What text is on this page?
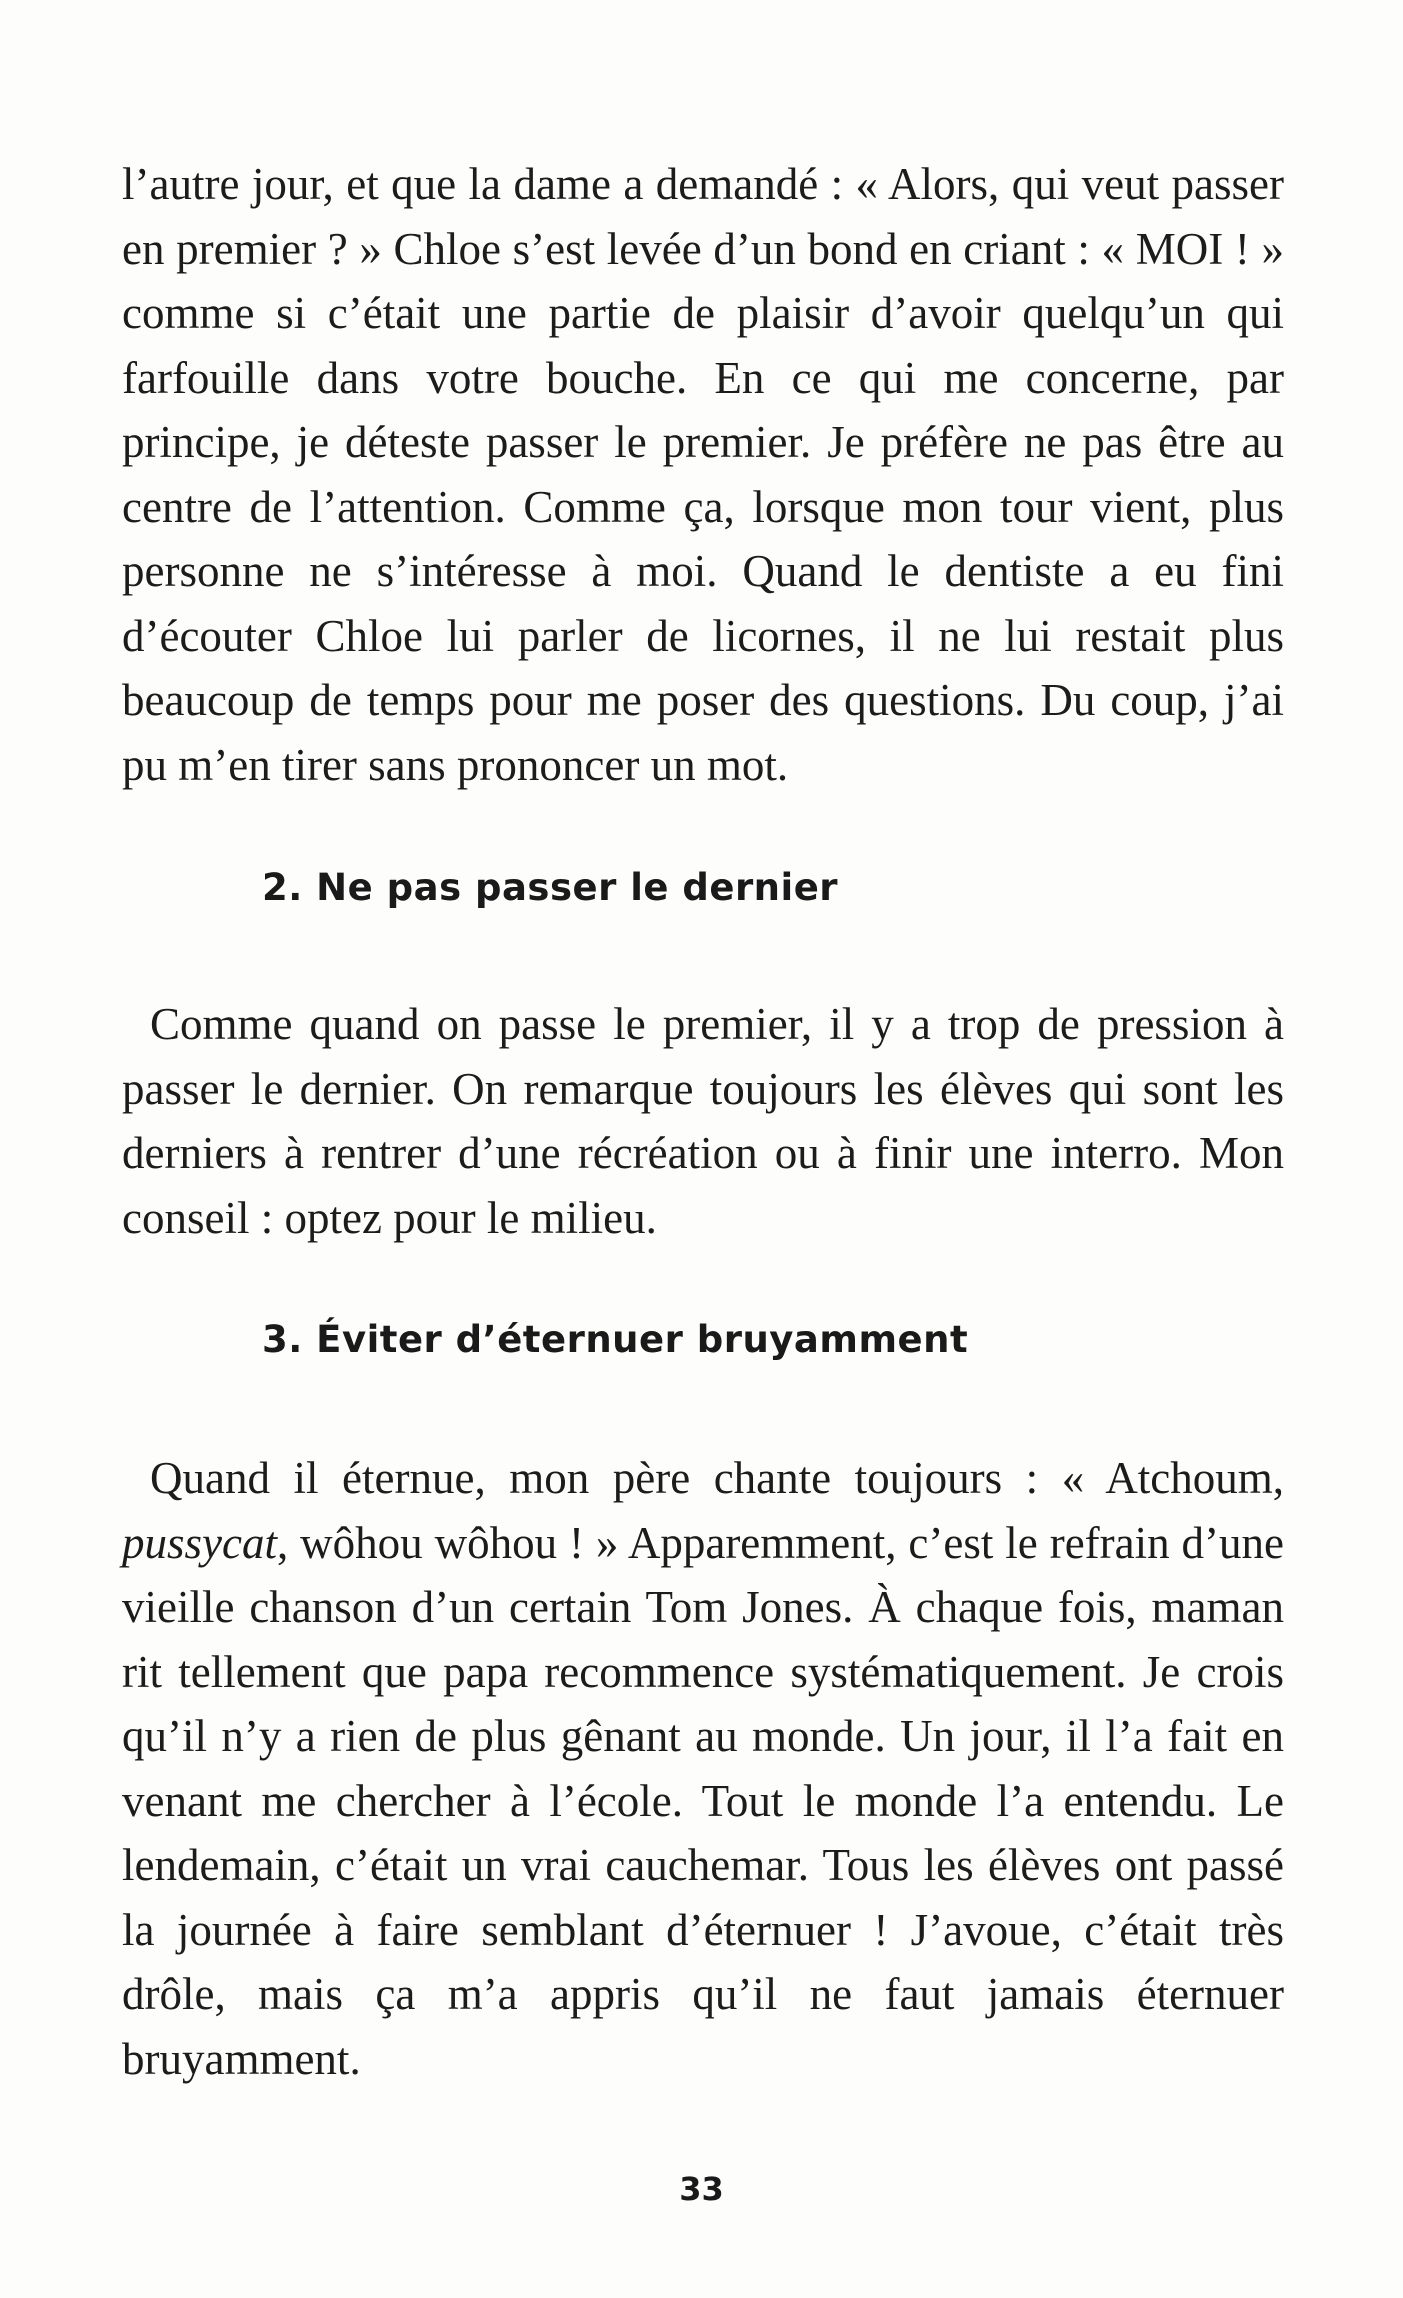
l’autre jour, et que la dame a demandé : « Alors, qui veut passer en premier ? » Chloe s’est levée d’un bond en criant : « MOI ! » comme si c’était une partie de plaisir d’avoir quelqu’un qui farfouille dans votre bouche. En ce qui me concerne, par principe, je déteste passer le premier. Je préfère ne pas être au centre de l’attention. Comme ça, lorsque mon tour vient, plus personne ne s’intéresse à moi. Quand le dentiste a eu fini d’écouter Chloe lui parler de licornes, il ne lui restait plus beaucoup de temps pour me poser des questions. Du coup, j’ai pu m’en tirer sans prononcer un mot.

2. Ne pas passer le dernier

Comme quand on passe le premier, il y a trop de pression à passer le dernier. On remarque toujours les élèves qui sont les derniers à rentrer d’une récréation ou à finir une interro. Mon conseil : optez pour le milieu.

3. Éviter d’éternuer bruyamment

Quand il éternue, mon père chante toujours : « Atchoum, pussycat, wôhou wôhou ! » Apparemment, c’est le refrain d’une vieille chanson d’un certain Tom Jones. À chaque fois, maman rit tellement que papa recommence systématiquement. Je crois qu’il n’y a rien de plus gênant au monde. Un jour, il l’a fait en venant me chercher à l’école. Tout le monde l’a entendu. Le lendemain, c’était un vrai cauchemar. Tous les élèves ont passé la journée à faire semblant d’éternuer ! J’avoue, c’était très drôle, mais ça m’a appris qu’il ne faut jamais éternuer bruyamment.

33
